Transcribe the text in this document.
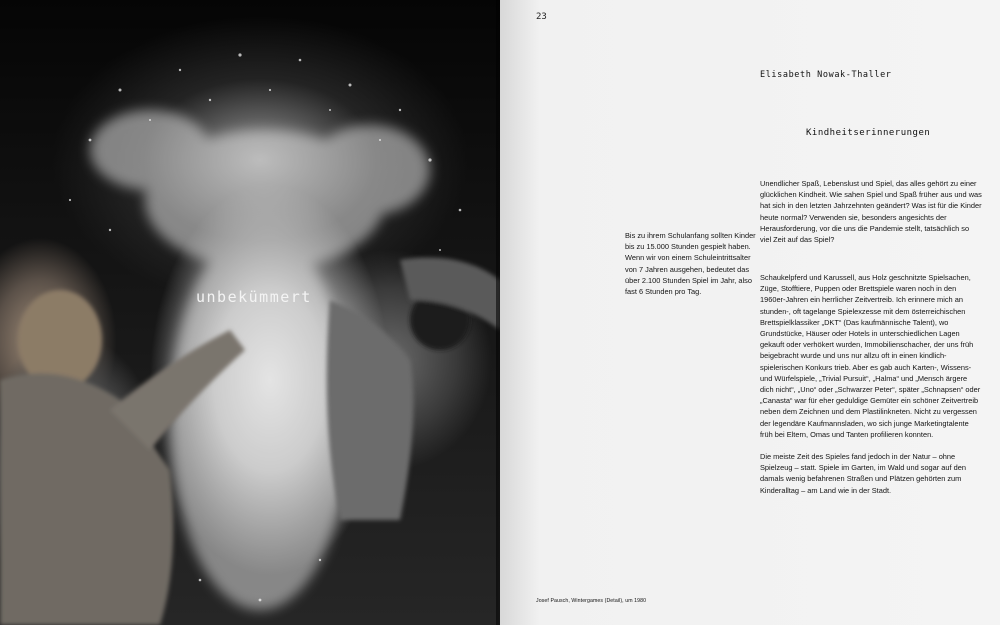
unbekümmert
Josef Pausch, Wintergames (Detail), um 1980
23
Elisabeth Nowak-Thaller
Kindheitserinnerungen

Unendlicher Spaß, Lebenslust und Spiel, das alles gehört zu einer glücklichen Kindheit. Wie sahen Spiel und Spaß früher aus und was hat sich in den letzten Jahrzehnten geändert? Was ist für die Kinder heute normal? Verwenden sie, besonders angesichts der Herausforderung, vor die uns die Pandemie stellt, tatsächlich so viel Zeit auf das Spiel?

Bis zu ihrem Schulanfang sollten Kinder bis zu 15.000 Stunden gespielt haben. Wenn wir von einem Schuleintrittsalter von 7 Jahren ausgehen, bedeutet das über 2.100 Stunden Spiel im Jahr, also fast 6 Stunden pro Tag.

Schaukelpferd und Karussell, aus Holz geschnitzte Spielsachen, Züge, Stofftiere, Puppen oder Brettspiele waren noch in den 1960er-Jahren ein herrlicher Zeitvertreib. Ich erinnere mich an stunden-, oft tagelange Spielexzesse mit dem österreichischen Brettspielklassiker „DKT“ (Das kaufmännische Talent), wo Grundstücke, Häuser oder Hotels in unterschiedlichen Lagen gekauft oder verhökert wurden, Immobilienschacher, der uns früh beigebracht wurde und uns nur allzu oft in einen kindlich-spielerischen Konkurs trieb. Aber es gab auch Karten-, Wissens- und Würfelspiele, „Trivial Pursuit“, „Halma“ und „Mensch ärgere dich nicht“, „Uno“ oder „Schwarzer Peter“, später „Schnapsen“ oder „Canasta“ war für eher geduldige Gemüter ein schöner Zeitvertreib neben dem Zeichnen und dem Plastilinkneten. Nicht zu vergessen der legendäre Kaufmannsladen, wo sich junge Marketingtalente früh bei Eltern, Omas und Tanten profilieren konnten.

Die meiste Zeit des Spieles fand jedoch in der Natur – ohne Spielzeug – statt. Spiele im Garten, im Wald und sogar auf den damals wenig befahrenen Straßen und Plätzen gehörten zum Kinderalltag – am Land wie in der Stadt.
